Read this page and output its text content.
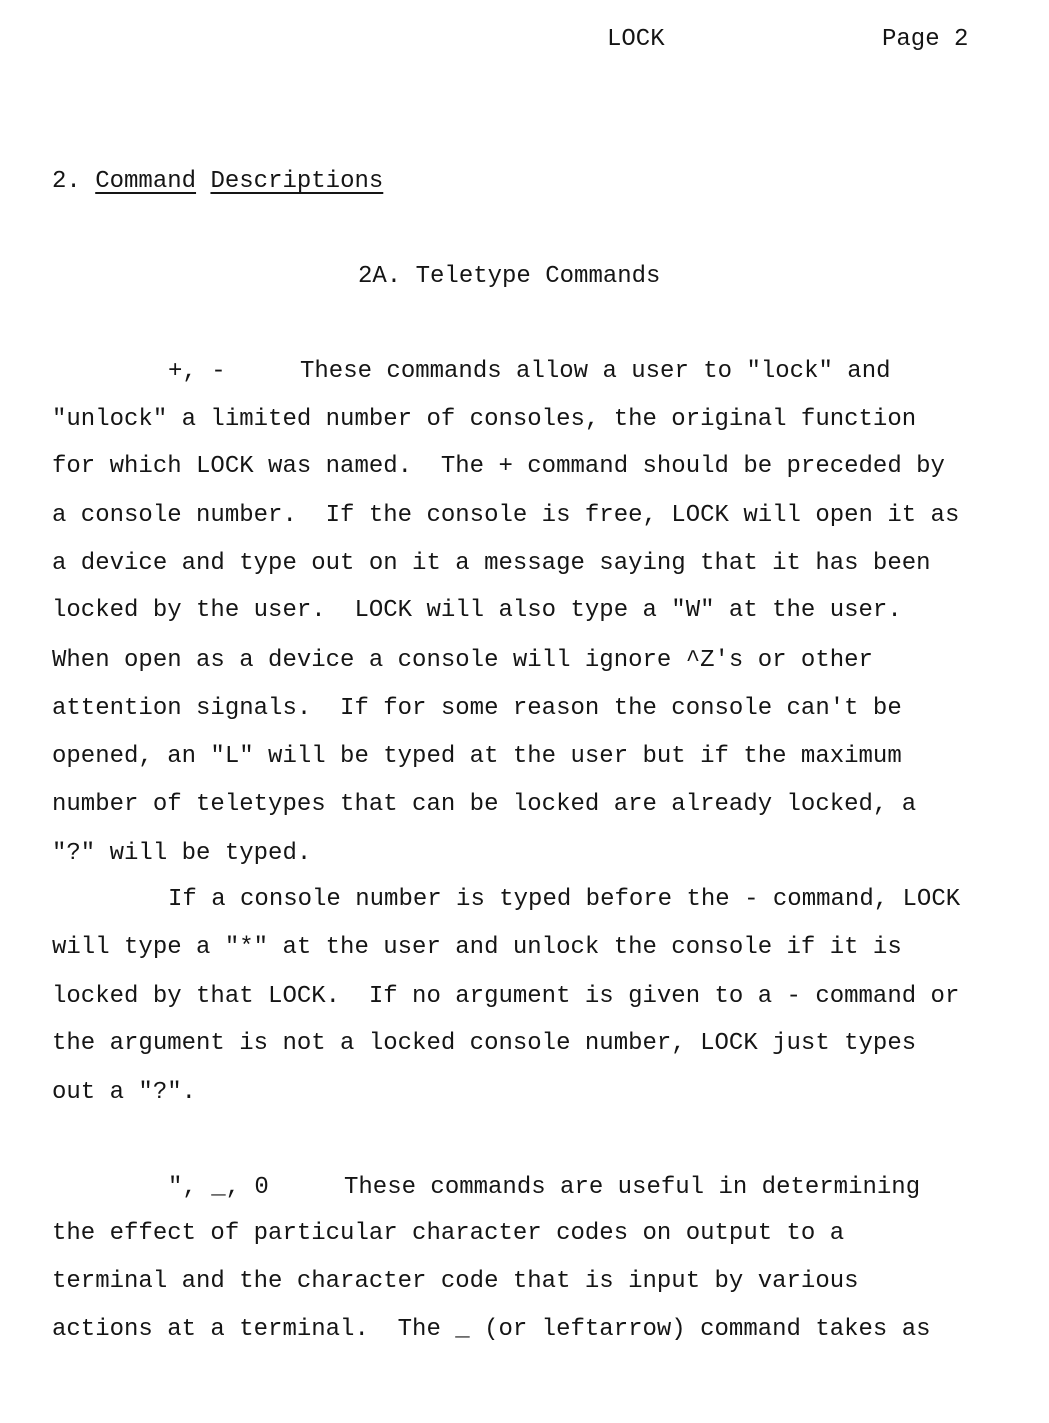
LOCK	Page 2
2. Command Descriptions
2A. Teletype Commands
+, -	These commands allow a user to "lock" and
"unlock" a limited number of consoles, the original function
for which LOCK was named.  The + command should be preceded by
a console number.  If the console is free, LOCK will open it as
a device and type out on it a message saying that it has been
locked by the user.  LOCK will also type a "W" at the user.
When open as a device a console will ignore ^Z's or other
attention signals.  If for some reason the console can't be
opened, an "L" will be typed at the user but if the maximum
number of teletypes that can be locked are already locked, a
"?" will be typed.
If a console number is typed before the - command, LOCK
will type a "*" at the user and unlock the console if it is
locked by that LOCK.  If no argument is given to a - command or
the argument is not a locked console number, LOCK just types
out a "?".
", _, 0	These commands are useful in determining
the effect of particular character codes on output to a
terminal and the character code that is input by various
actions at a terminal.  The _ (or leftarrow) command takes as
